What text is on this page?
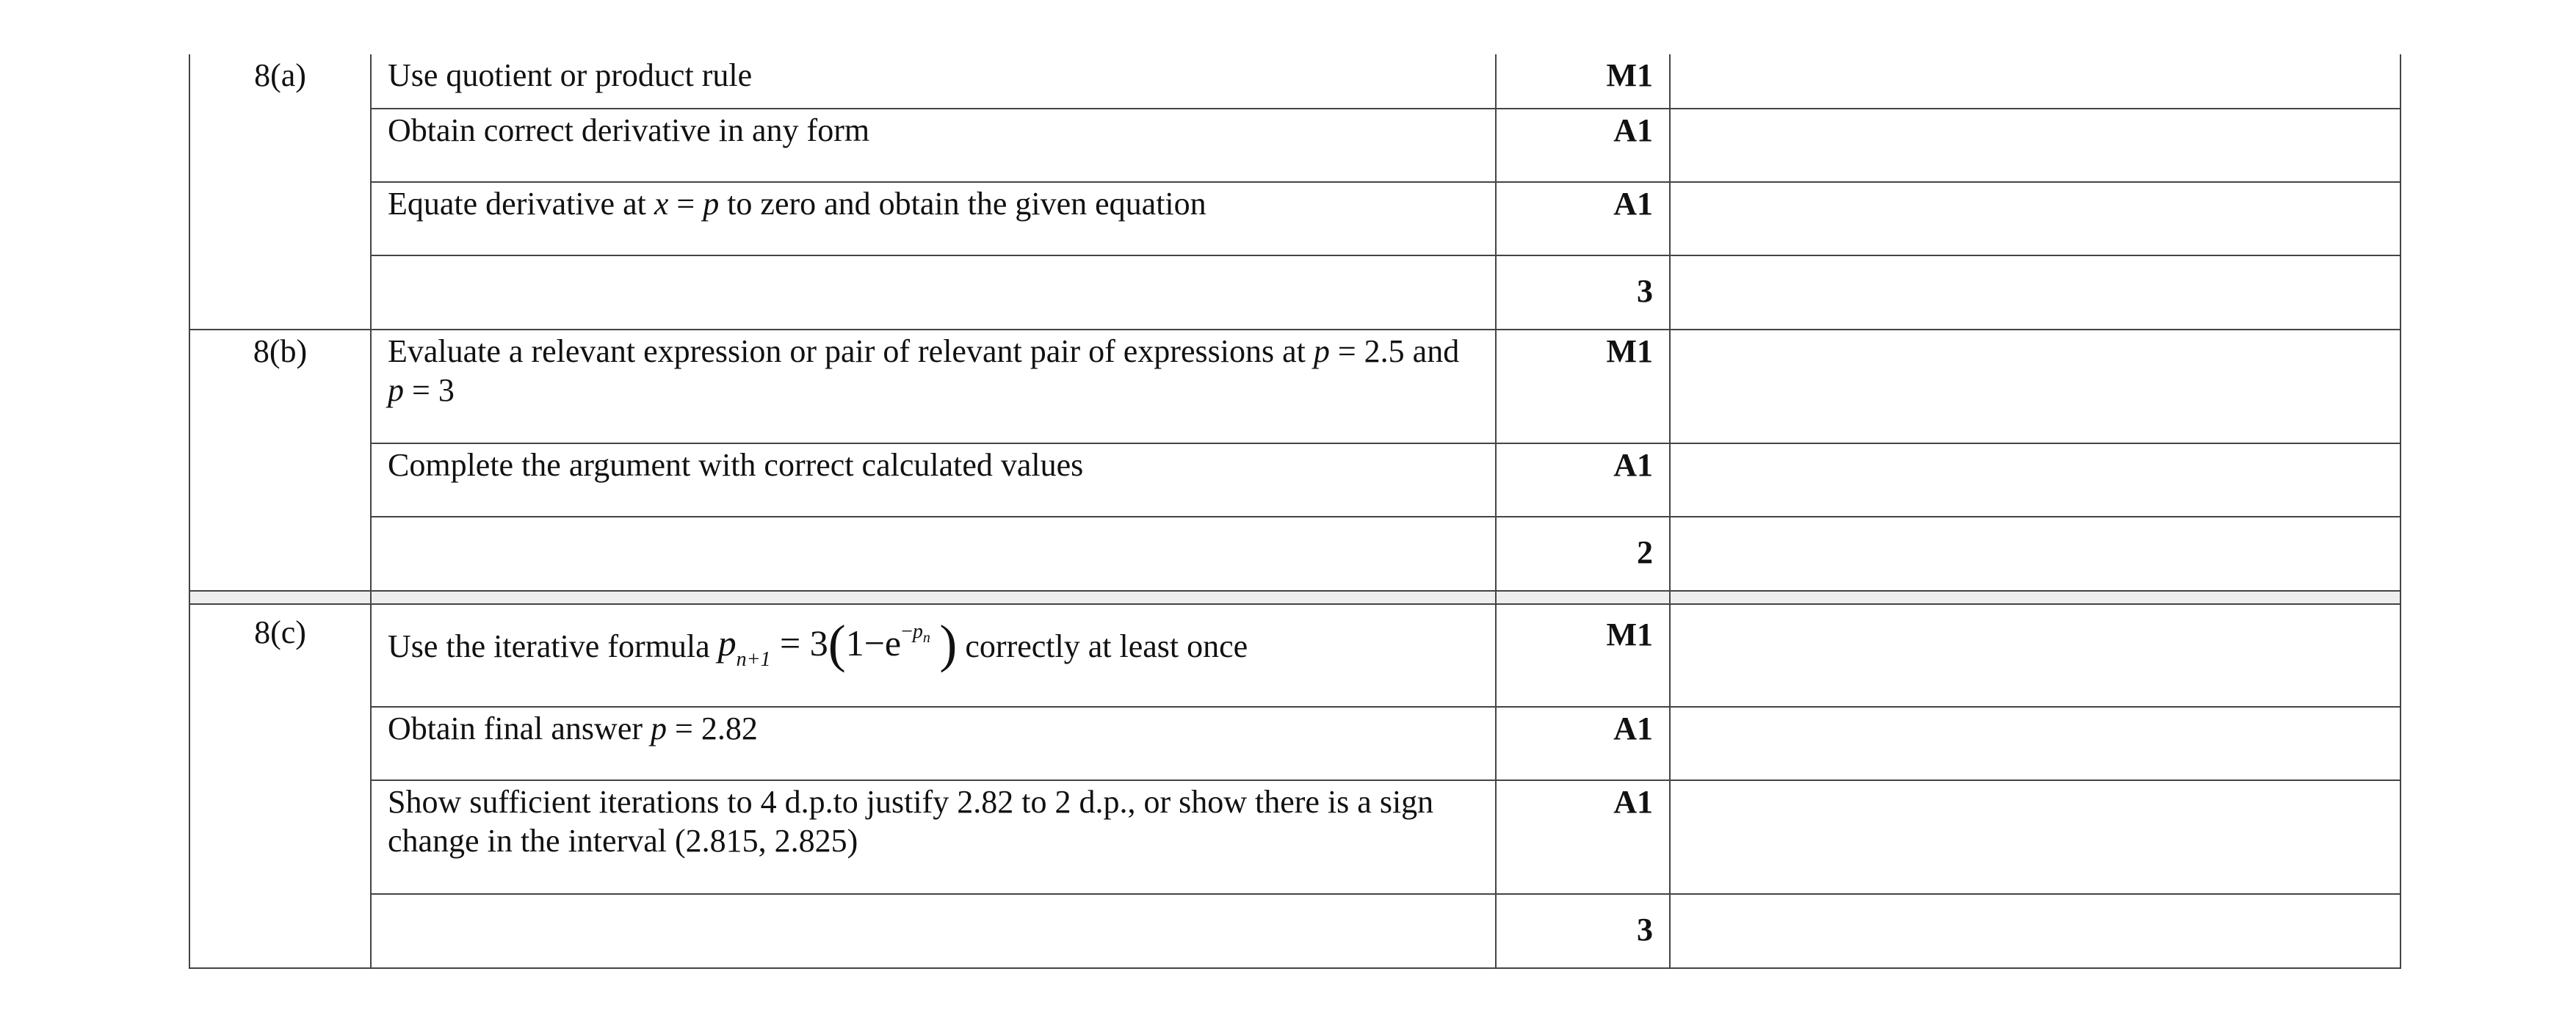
8(a)	Use quotient or product rule	M1	
	Obtain correct derivative in any form	A1	
	Equate derivative at x = p to zero and obtain the given equation	A1	
		3	
8(b)	Evaluate a relevant expression or pair of relevant pair of expressions at p = 2.5 and p = 3	M1	
	Complete the argument with correct calculated values	A1	
		2	

8(c)	Use the iterative formula $p_{n+1} = 3(1-e^{-p_n}$ ) correctly at least once	M1	
	Obtain final answer p = 2.82	A1	
	Show sufficient iterations to 4 d.p.to justify 2.82 to 2 d.p., or show there is a sign change in the interval (2.815, 2.825)	A1	
		3	
